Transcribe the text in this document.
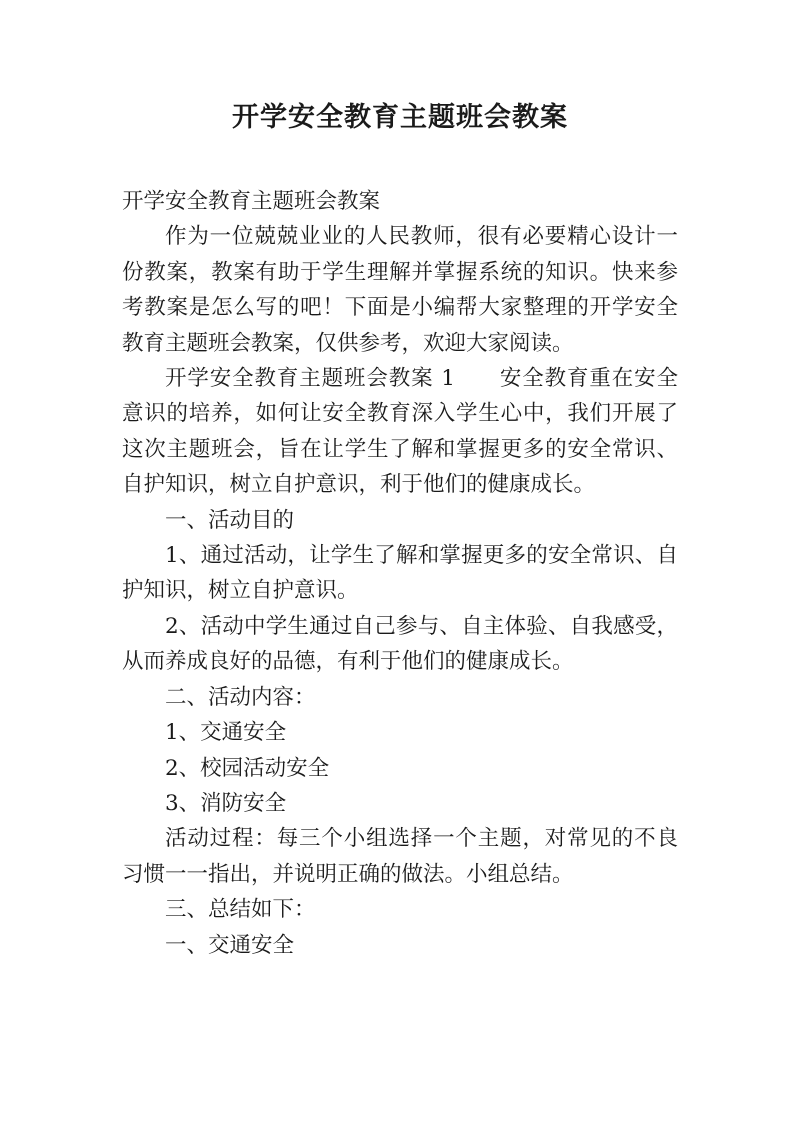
开学安全教育主题班会教案

开学安全教育主题班会教案

作为一位兢兢业业的人民教师，很有必要精心设计一份教案，教案有助于学生理解并掌握系统的知识。快来参考教案是怎么写的吧！下面是小编帮大家整理的开学安全教育主题班会教案，仅供参考，欢迎大家阅读。

开学安全教育主题班会教案 1 安全教育重在安全意识的培养，如何让安全教育深入学生心中，我们开展了这次主题班会，旨在让学生了解和掌握更多的安全常识、自护知识，树立自护意识，利于他们的健康成长。

一、活动目的

1、通过活动，让学生了解和掌握更多的安全常识、自护知识，树立自护意识。

2、活动中学生通过自己参与、自主体验、自我感受，从而养成良好的品德，有利于他们的健康成长。

二、活动内容：

1、交通安全

2、校园活动安全

3、消防安全

活动过程：每三个小组选择一个主题，对常见的不良习惯一一指出，并说明正确的做法。小组总结。

三、总结如下：

一、交通安全
